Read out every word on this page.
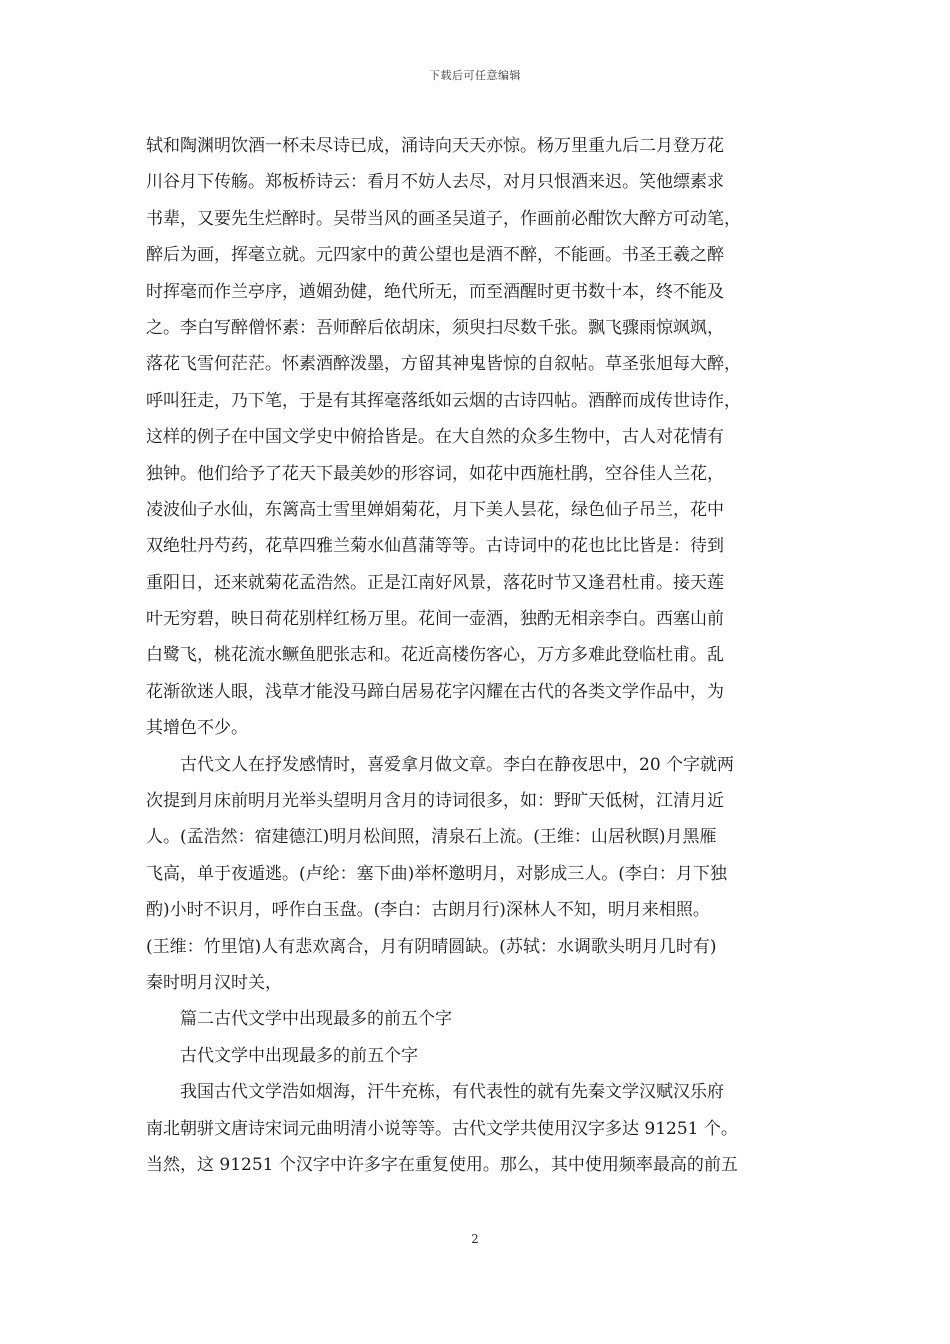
下载后可任意编辑
轼和陶渊明饮酒一杯未尽诗已成，涌诗向天天亦惊。杨万里重九后二月登万花
川谷月下传觞。郑板桥诗云：看月不妨人去尽，对月只恨酒来迟。笑他缥素求
书辈，又要先生烂醉时。吴带当风的画圣吴道子，作画前必酣饮大醉方可动笔，
醉后为画，挥毫立就。元四家中的黄公望也是酒不醉，不能画。书圣王羲之醉
时挥毫而作兰亭序，遒媚劲健，绝代所无，而至酒醒时更书数十本，终不能及
之。李白写醉僧怀素：吾师醉后依胡床，须臾扫尽数千张。飘飞骤雨惊飒飒，
落花飞雪何茫茫。怀素酒醉泼墨，方留其神鬼皆惊的自叙帖。草圣张旭每大醉，
呼叫狂走，乃下笔，于是有其挥毫落纸如云烟的古诗四帖。酒醉而成传世诗作，
这样的例子在中国文学史中俯拾皆是。在大自然的众多生物中，古人对花情有
独钟。他们给予了花天下最美妙的形容词，如花中西施杜鹃，空谷佳人兰花，
凌波仙子水仙，东篱高士雪里婵娟菊花，月下美人昙花，绿色仙子吊兰，花中
双绝牡丹芍药，花草四雅兰菊水仙菖蒲等等。古诗词中的花也比比皆是：待到
重阳日，还来就菊花孟浩然。正是江南好风景，落花时节又逢君杜甫。接天莲
叶无穷碧，映日荷花别样红杨万里。花间一壶酒，独酌无相亲李白。西塞山前
白鹭飞，桃花流水鳜鱼肥张志和。花近高楼伤客心，万方多难此登临杜甫。乱
花渐欲迷人眼，浅草才能没马蹄白居易花字闪耀在古代的各类文学作品中，为
其增色不少。
古代文人在抒发感情时，喜爱拿月做文章。李白在静夜思中，20 个字就两
次提到月床前明月光举头望明月含月的诗词很多，如：野旷天低树，江清月近
人。(孟浩然：宿建德江)明月松间照，清泉石上流。(王维：山居秋瞑)月黑雁
飞高，单于夜遁逃。(卢纶：塞下曲)举杯邀明月，对影成三人。(李白：月下独
酌)小时不识月，呼作白玉盘。(李白：古朗月行)深林人不知，明月来相照。
(王维：竹里馆)人有悲欢离合，月有阴晴圆缺。(苏轼：水调歌头明月几时有)
秦时明月汉时关，
篇二古代文学中出现最多的前五个字
古代文学中出现最多的前五个字
我国古代文学浩如烟海，汗牛充栋，有代表性的就有先秦文学汉赋汉乐府
南北朝骈文唐诗宋词元曲明清小说等等。古代文学共使用汉字多达 91251 个。
当然，这 91251 个汉字中许多字在重复使用。那么，其中使用频率最高的前五
2
